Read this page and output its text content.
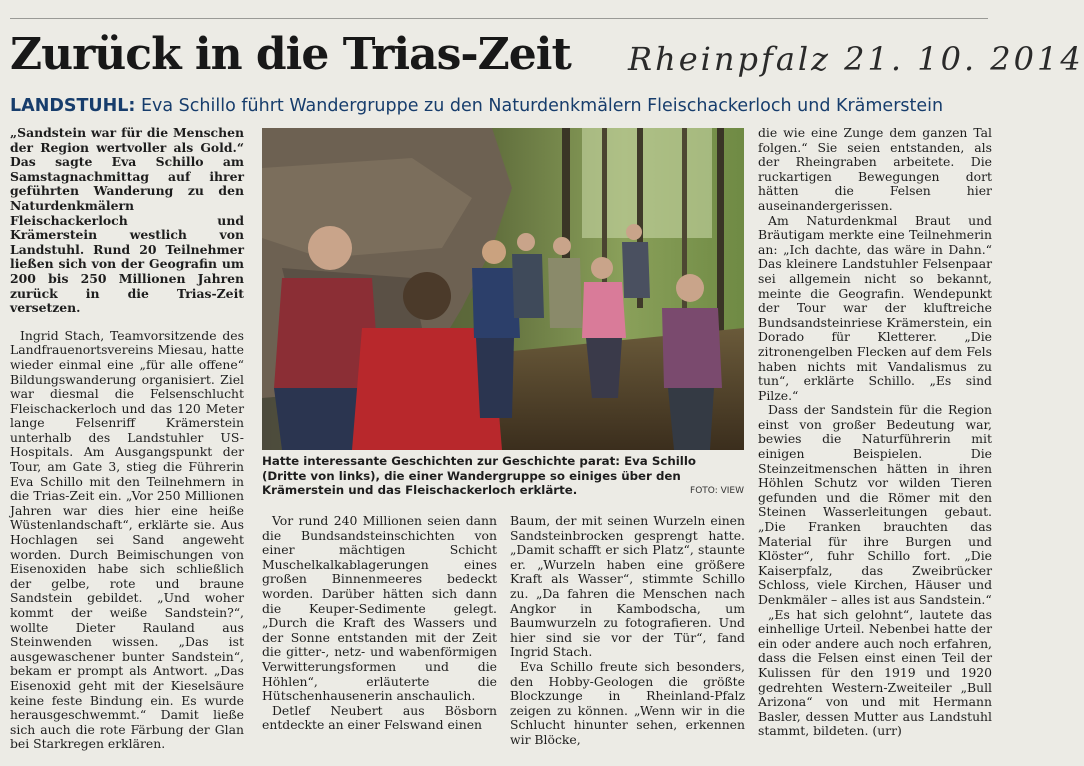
Zurück in die Trias-Zeit Rheinpfalz 21. 10. 2014
LANDSTUHL: Eva Schillo führt Wandergruppe zu den Naturdenkmälern Fleischackerloch und Krämerstein

„Sandstein war für die Menschen der Region wertvoller als Gold.“ Das sagte Eva Schillo am Samstagnachmittag auf ihrer geführten Wanderung zu den Naturdenkmälern Fleischackerloch und Krämerstein westlich von Landstuhl. Rund 20 Teilnehmer ließen sich von der Geografin um 200 bis 250 Millionen Jahren zurück in die Trias-Zeit versetzen.

Ingrid Stach, Teamvorsitzende des Landfrauenortsvereins Miesau, hatte wieder einmal eine „für alle offene“ Bildungswanderung organisiert. Ziel war diesmal die Felsenschlucht Fleischackerloch und das 120 Meter lange Felsenriff Krämerstein unterhalb des Landstuhler US-Hospitals. Am Ausgangspunkt der Tour, am Gate 3, stieg die Führerin Eva Schillo mit den Teilnehmern in die Trias-Zeit ein. „Vor 250 Millionen Jahren war dies hier eine heiße Wüstenlandschaft“, erklärte sie. Aus Hochlagen sei Sand angeweht worden. Durch Beimischungen von Eisenoxiden habe sich schließlich der gelbe, rote und braune Sandstein gebildet. „Und woher kommt der weiße Sandstein?“, wollte Dieter Rauland aus Steinwenden wissen. „Das ist ausgewaschener bunter Sandstein“, bekam er prompt als Antwort. „Das Eisenoxid geht mit der Kieselsäure keine feste Bindung ein. Es wurde herausgeschwemmt.“ Damit ließe sich auch die rote Färbung der Glan bei Starkregen erklären.

Hatte interessante Geschichten zur Geschichte parat: Eva Schillo (Dritte von links), die einer Wandergruppe so einiges über den Krämerstein und das Fleischackerloch erklärte.	FOTO: VIEW

Vor rund 240 Millionen seien dann die Bundsandsteinschichten von einer mächtigen Schicht Muschelkalkablagerungen eines großen Binnenmeeres bedeckt worden. Darüber hätten sich dann die Keuper-Sedimente gelegt. „Durch die Kraft des Wassers und der Sonne entstanden mit der Zeit die gitter-, netz- und wabenförmigen Verwitterungsformen und die Höhlen“, erläuterte die Hütschenhausenerin anschaulich.

Detlef Neubert aus Bösborn entdeckte an einer Felswand einen

Baum, der mit seinen Wurzeln einen Sandsteinbrocken gesprengt hatte. „Damit schafft er sich Platz“, staunte er. „Wurzeln haben eine größere Kraft als Wasser“, stimmte Schillo zu. „Da fahren die Menschen nach Angkor in Kambodscha, um Baumwurzeln zu fotografieren. Und hier sind sie vor der Tür“, fand Ingrid Stach.

Eva Schillo freute sich besonders, den Hobby-Geologen die größte Blockzunge in Rheinland-Pfalz zeigen zu können. „Wenn wir in die Schlucht hinunter sehen, erkennen wir Blöcke,

die wie eine Zunge dem ganzen Tal folgen.“ Sie seien entstanden, als der Rheingraben arbeitete. Die ruckartigen Bewegungen dort hätten die Felsen hier auseinandergerissen.

Am Naturdenkmal Braut und Bräutigam merkte eine Teilnehmerin an: „Ich dachte, das wäre in Dahn.“ Das kleinere Landstuhler Felsenpaar sei allgemein nicht so bekannt, meinte die Geografin. Wendepunkt der Tour war der kluftreiche Bundsandsteinriese Krämerstein, ein Dorado für Kletterer. „Die zitronengelben Flecken auf dem Fels haben nichts mit Vandalismus zu tun“, erklärte Schillo. „Es sind Pilze.“

Dass der Sandstein für die Region einst von großer Bedeutung war, bewies die Naturführerin mit einigen Beispielen. Die Steinzeitmenschen hätten in ihren Höhlen Schutz vor wilden Tieren gefunden und die Römer mit den Steinen Wasserleitungen gebaut. „Die Franken brauchten das Material für ihre Burgen und Klöster“, fuhr Schillo fort. „Die Kaiserpfalz, das Zweibrücker Schloss, viele Kirchen, Häuser und Denkmäler – alles ist aus Sandstein.“

„Es hat sich gelohnt“, lautete das einhellige Urteil. Nebenbei hatte der ein oder andere auch noch erfahren, dass die Felsen einst einen Teil der Kulissen für den 1919 und 1920 gedrehten Western-Zweiteiler „Bull Arizona“ von und mit Hermann Basler, dessen Mutter aus Landstuhl stammt, bildeten. (urr)
